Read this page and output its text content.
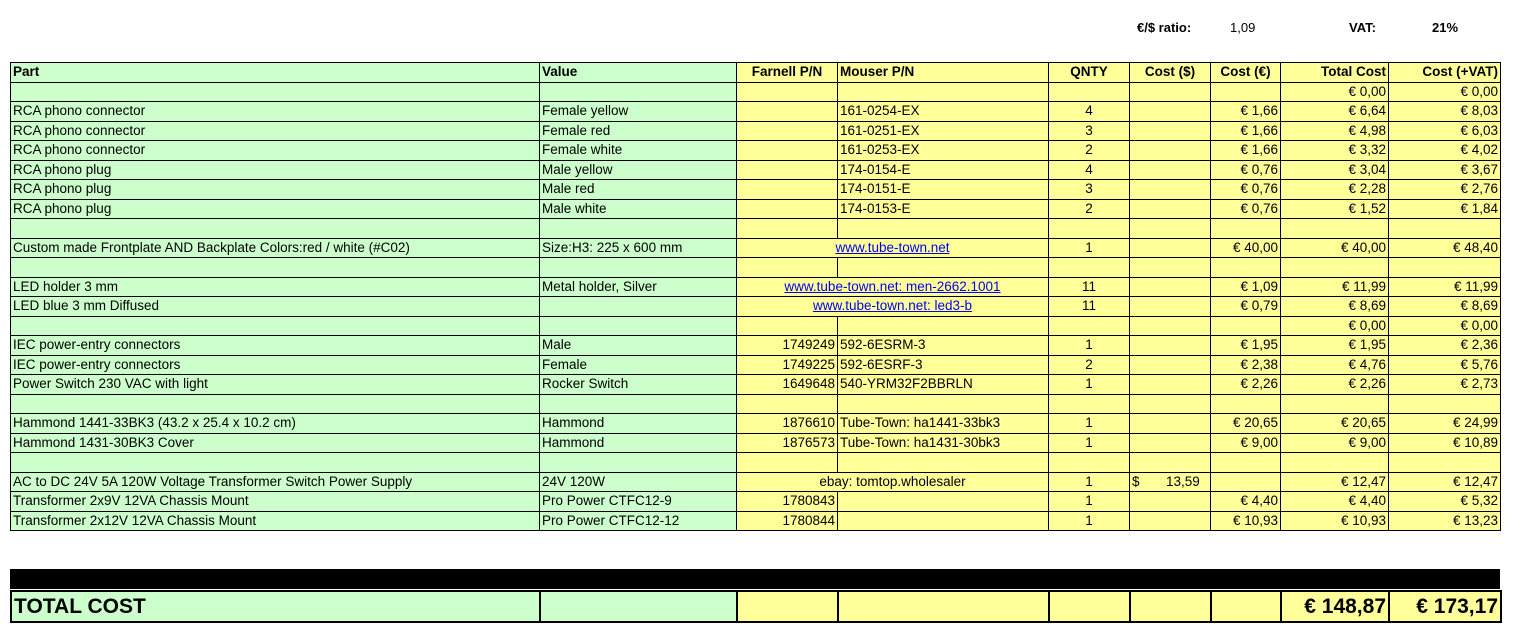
€/$ ratio:	1,09	VAT:	21%
Part	Value	Farnell P/N	Mouser P/N	QNTY	Cost ($)	Cost (€)	Total Cost	Cost (+VAT)
							€ 0,00	€ 0,00
RCA phono connector	Female yellow		161-0254-EX	4		€ 1,66	€ 6,64	€ 8,03
RCA phono connector	Female red		161-0251-EX	3		€ 1,66	€ 4,98	€ 6,03
RCA phono connector	Female white		161-0253-EX	2		€ 1,66	€ 3,32	€ 4,02
RCA phono plug	Male yellow		174-0154-E	4		€ 0,76	€ 3,04	€ 3,67
RCA phono plug	Male red		174-0151-E	3		€ 0,76	€ 2,28	€ 2,76
RCA phono plug	Male white		174-0153-E	2		€ 0,76	€ 1,52	€ 1,84

Custom made Frontplate AND Backplate Colors:red / white (#C02)	Size:H3: 225 x 600 mm	www.tube-town.net		1		€ 40,00	€ 40,00	€ 48,40

LED holder 3 mm	Metal holder, Silver	www.tube-town.net: men-2662.1001		11		€ 1,09	€ 11,99	€ 11,99
LED blue 3 mm Diffused		www.tube-town.net: led3-b		11		€ 0,79	€ 8,69	€ 8,69
							€ 0,00	€ 0,00
IEC power-entry connectors	Male	1749249	592-6ESRM-3	1		€ 1,95	€ 1,95	€ 2,36
IEC power-entry connectors	Female	1749225	592-6ESRF-3	2		€ 2,38	€ 4,76	€ 5,76
Power Switch 230 VAC with light	Rocker Switch	1649648	540-YRM32F2BBRLN	1		€ 2,26	€ 2,26	€ 2,73

Hammond 1441-33BK3 (43.2 x 25.4 x 10.2 cm)	Hammond	1876610	Tube-Town: ha1441-33bk3	1		€ 20,65	€ 20,65	€ 24,99
Hammond 1431-30BK3 Cover	Hammond	1876573	Tube-Town: ha1431-30bk3	1		€ 9,00	€ 9,00	€ 10,89

AC to DC 24V 5A 120W Voltage Transformer Switch Power Supply	24V 120W	ebay: tomtop.wholesaler		1	$ 13,59		€ 12,47	€ 12,47
Transformer 2x9V 12VA Chassis Mount	Pro Power CTFC12-9	1780843		1		€ 4,40	€ 4,40	€ 5,32
Transformer 2x12V 12VA Chassis Mount	Pro Power CTFC12-12	1780844		1		€ 10,93	€ 10,93	€ 13,23
TOTAL COST							€ 148,87	€ 173,17
